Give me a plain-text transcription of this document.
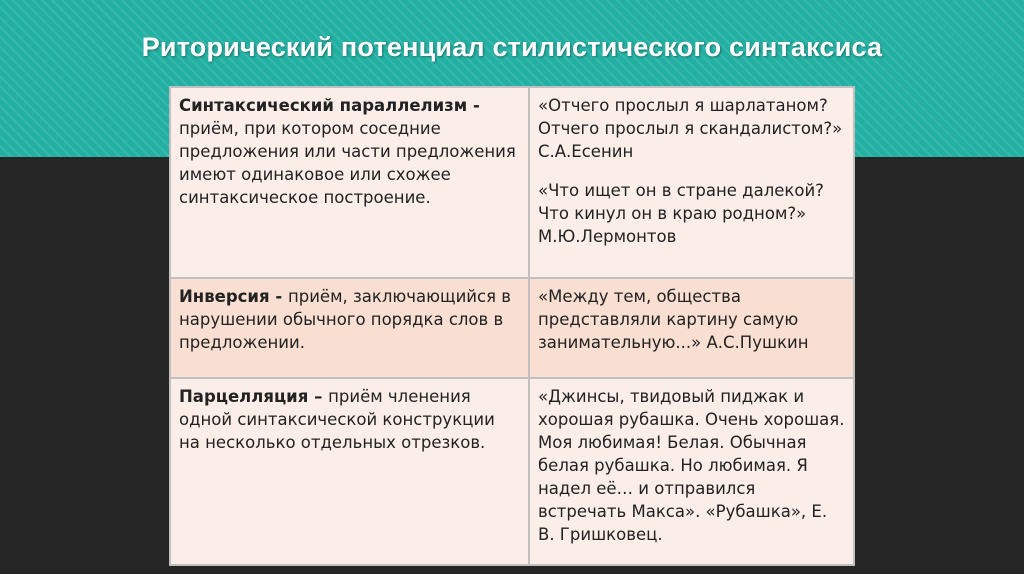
Риторический потенциал стилистического синтаксиса
Синтаксический параллелизм - приём, при котором соседние предложения или части предложения имеют одинаковое или схожее синтаксическое построение.	«Отчего прослыл я шарлатаном? Отчего прослыл я скандалистом?»
С.А.Есенин
«Что ищет он в стране далекой? Что кинул он в краю родном?»
М.Ю.Лермонтов

Инверсия - приём, заключающийся в нарушении обычного порядка слов в предложении.	«Между тем, общества представляли картину самую занимательную...» А.С.Пушкин

Парцелляция – приём членения одной синтаксической конструкции на несколько отдельных отрезков.	«Джинсы, твидовый пиджак и хорошая рубашка. Очень хорошая. Моя любимая! Белая. Обычная белая рубашка. Но любимая. Я надел её… и отправился встречать Макса». «Рубашка», Е. В. Гришковец.
